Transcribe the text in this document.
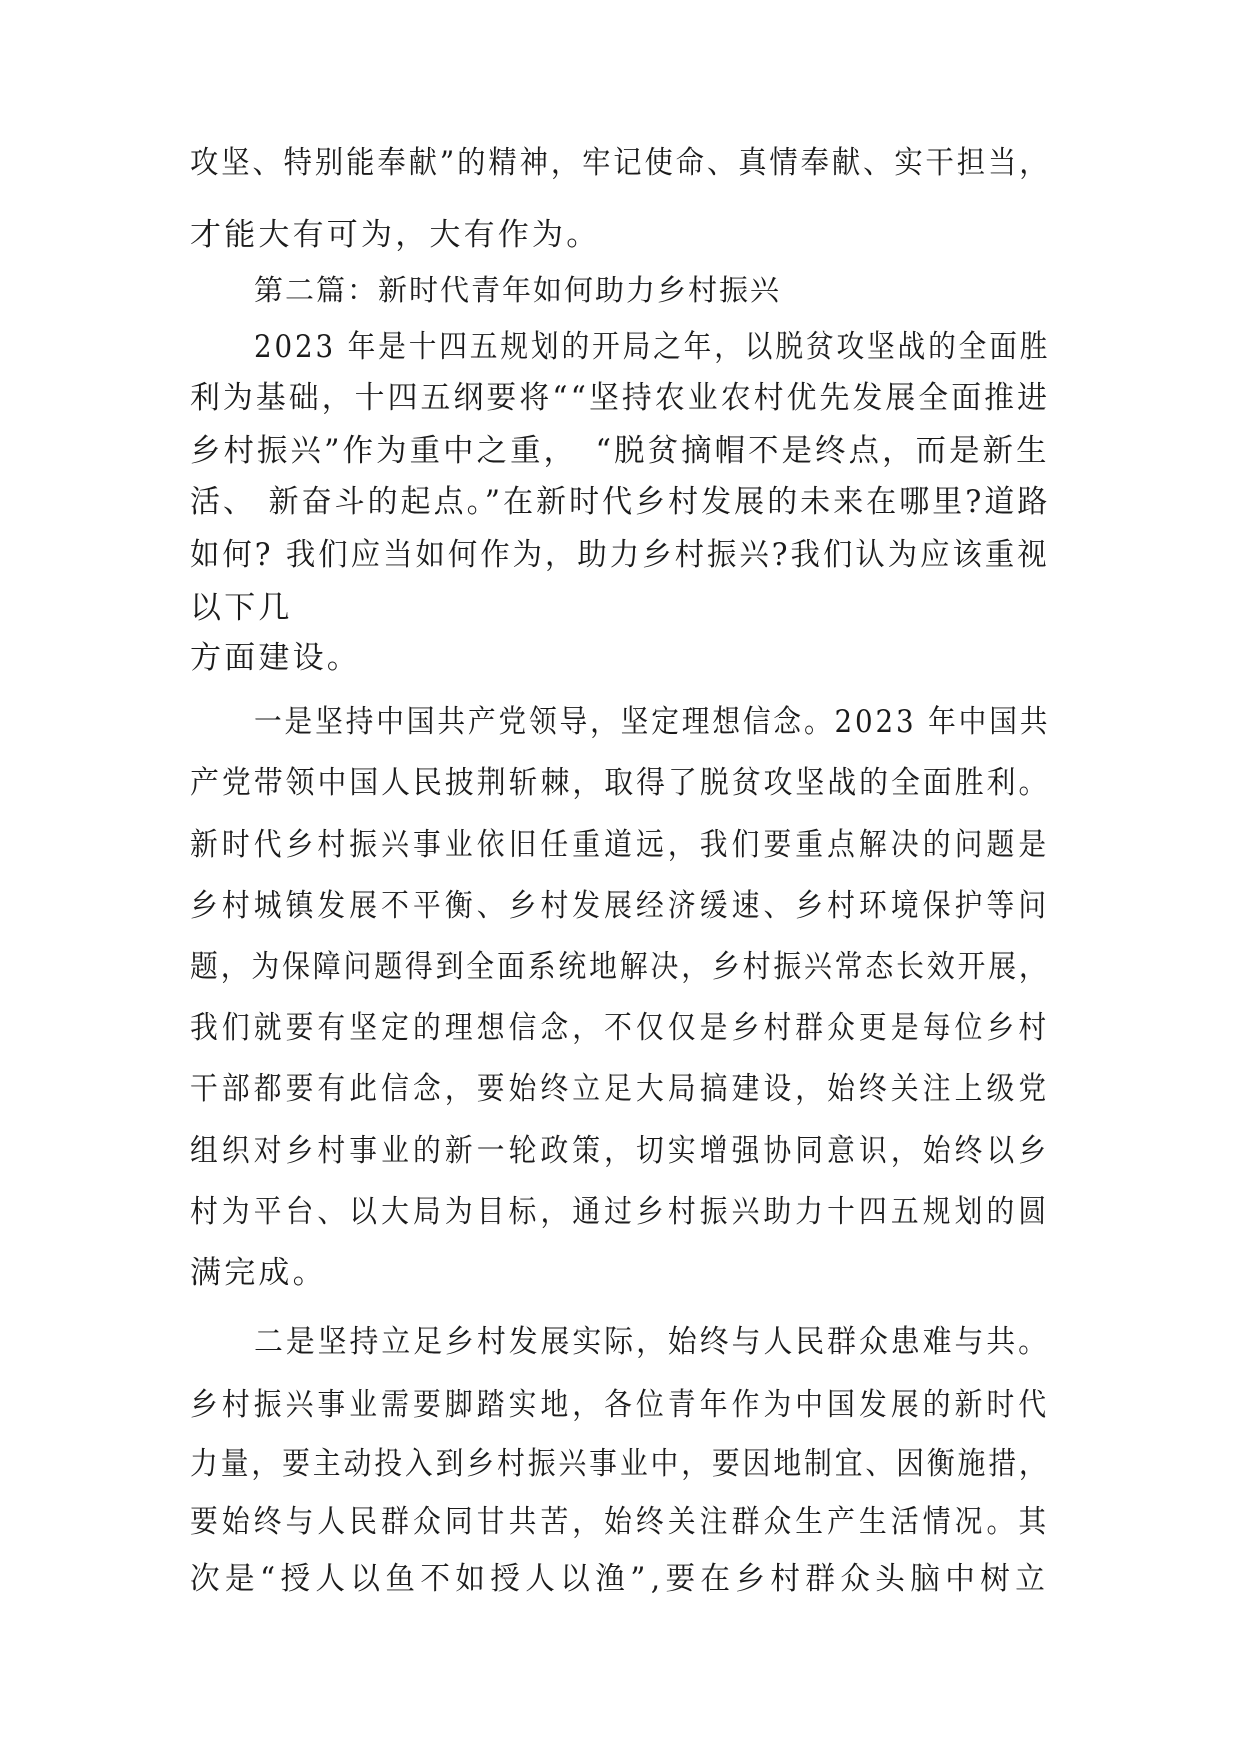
攻坚、特别能奉献”的精神，牢记使命、真情奉献、实干担当，
才能大有可为，大有作为。
第二篇：新时代青年如何助力乡村振兴
2023 年是十四五规划的开局之年，以脱贫攻坚战的全面胜
利为基础，十四五纲要将““坚持农业农村优先发展全面推进
乡村振兴”作为重中之重，　“脱贫摘帽不是终点，而是新生
活、 新奋斗的起点。”在新时代乡村发展的未来在哪里?道路
如何? 我们应当如何作为，助力乡村振兴?我们认为应该重视
以下几
方面建设。
一是坚持中国共产党领导，坚定理想信念。2023 年中国共
产党带领中国人民披荆斩棘，取得了脱贫攻坚战的全面胜利。
新时代乡村振兴事业依旧任重道远，我们要重点解决的问题是
乡村城镇发展不平衡、乡村发展经济缓速、乡村环境保护等问
题，为保障问题得到全面系统地解决，乡村振兴常态长效开展，
我们就要有坚定的理想信念，不仅仅是乡村群众更是每位乡村
干部都要有此信念，要始终立足大局搞建设，始终关注上级党
组织对乡村事业的新一轮政策，切实增强协同意识，始终以乡
村为平台、以大局为目标，通过乡村振兴助力十四五规划的圆
满完成。
二是坚持立足乡村发展实际，始终与人民群众患难与共。
乡村振兴事业需要脚踏实地，各位青年作为中国发展的新时代
力量，要主动投入到乡村振兴事业中，要因地制宜、因衡施措，
要始终与人民群众同甘共苦，始终关注群众生产生活情况。其
次是“授人以鱼不如授人以渔”,要在乡村群众头脑中树立
